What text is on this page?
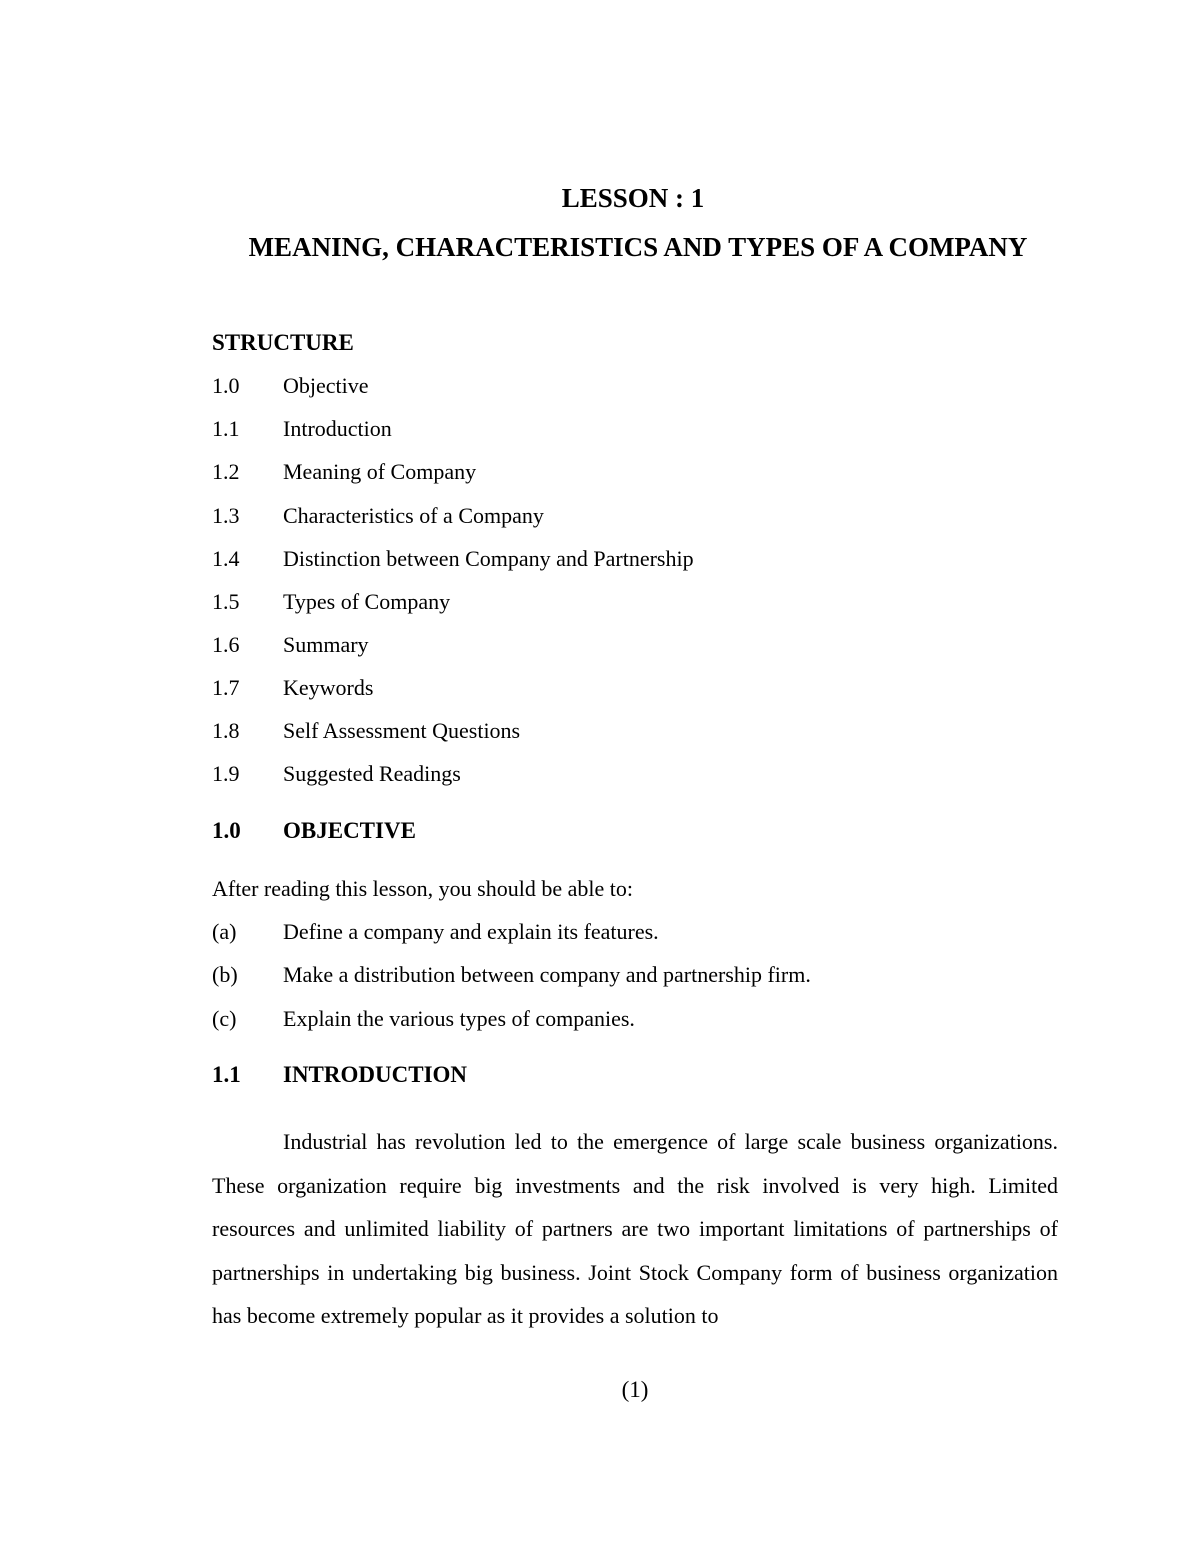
LESSON : 1
MEANING, CHARACTERISTICS AND TYPES OF A COMPANY
STRUCTURE
1.0 Objective
1.1 Introduction
1.2 Meaning of Company
1.3 Characteristics of a Company
1.4 Distinction between Company and Partnership
1.5 Types of Company
1.6 Summary
1.7 Keywords
1.8 Self Assessment Questions
1.9 Suggested Readings
1.0 OBJECTIVE
After reading this lesson, you should be able to:
(a) Define a company and explain its features.
(b) Make a distribution between company and partnership firm.
(c) Explain the various types of companies.
1.1 INTRODUCTION
Industrial has revolution led to the emergence of large scale business organizations. These organization require big investments and the risk involved is very high. Limited resources and unlimited liability of partners are two important limitations of partnerships of partnerships in undertaking big business. Joint Stock Company form of business organization has become extremely popular as it provides a solution to
(1)
